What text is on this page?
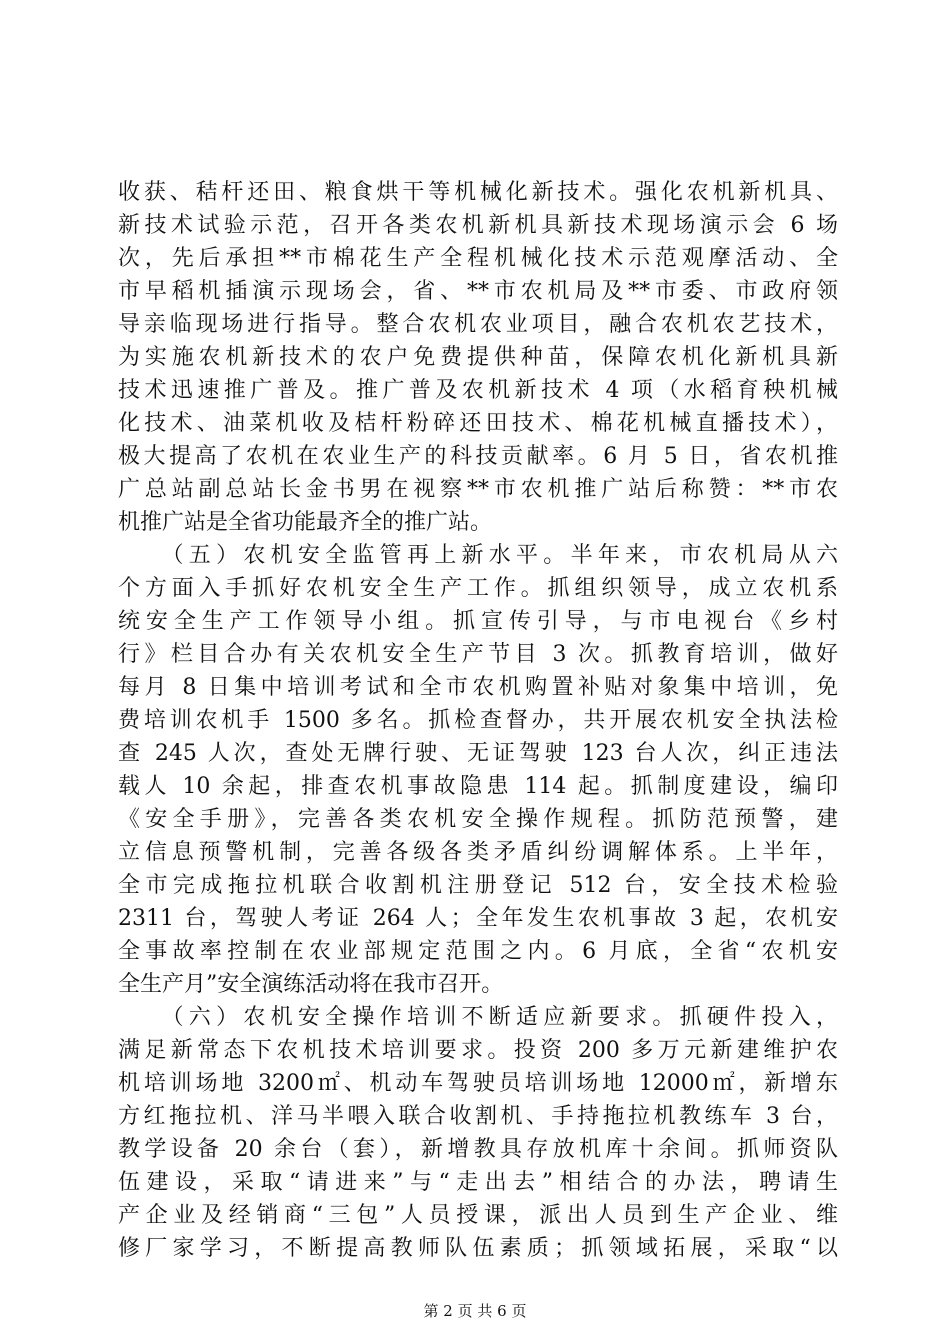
收获、秸杆还田、粮食烘干等机械化新技术。强化农机新机具、
新技术试验示范，召开各类农机新机具新技术现场演示会 6 场
次，先后承担**市棉花生产全程机械化技术示范观摩活动、全
市早稻机插演示现场会，省、**市农机局及**市委、市政府领
导亲临现场进行指导。整合农机农业项目，融合农机农艺技术，
为实施农机新技术的农户免费提供种苗，保障农机化新机具新
技术迅速推广普及。推广普及农机新技术 4 项（水稻育秧机械
化技术、油菜机收及桔杆粉碎还田技术、棉花机械直播技术），
极大提高了农机在农业生产的科技贡献率。6 月 5 日，省农机推
广总站副总站长金书男在视察**市农机推广站后称赞：**市农
机推广站是全省功能最齐全的推广站。
　　（五）农机安全监管再上新水平。半年来，市农机局从六
个方面入手抓好农机安全生产工作。抓组织领导，成立农机系
统安全生产工作领导小组。抓宣传引导，与市电视台《乡村
行》栏目合办有关农机安全生产节目 3 次。抓教育培训，做好
每月 8 日集中培训考试和全市农机购置补贴对象集中培训，免
费培训农机手 1500 多名。抓检查督办，共开展农机安全执法检
查 245 人次，查处无牌行驶、无证驾驶 123 台人次，纠正违法
载人 10 余起，排查农机事故隐患 114 起。抓制度建设，编印
《安全手册》，完善各类农机安全操作规程。抓防范预警，建
立信息预警机制，完善各级各类矛盾纠纷调解体系。上半年，
全市完成拖拉机联合收割机注册登记 512 台，安全技术检验
2311 台，驾驶人考证 264 人；全年发生农机事故 3 起，农机安
全事故率控制在农业部规定范围之内。6 月底，全省“农机安
全生产月”安全演练活动将在我市召开。
　　（六）农机安全操作培训不断适应新要求。抓硬件投入，
满足新常态下农机技术培训要求。投资 200 多万元新建维护农
机培训场地 3200㎡、机动车驾驶员培训场地 12000㎡，新增东
方红拖拉机、洋马半喂入联合收割机、手持拖拉机教练车 3 台，
教学设备 20 余台（套），新增教具存放机库十余间。抓师资队
伍建设，采取“请进来”与“走出去”相结合的办法，聘请生
产企业及经销商“三包”人员授课，派出人员到生产企业、维
修厂家学习，不断提高教师队伍素质；抓领域拓展，采取“以
第 2 页 共 6 页
